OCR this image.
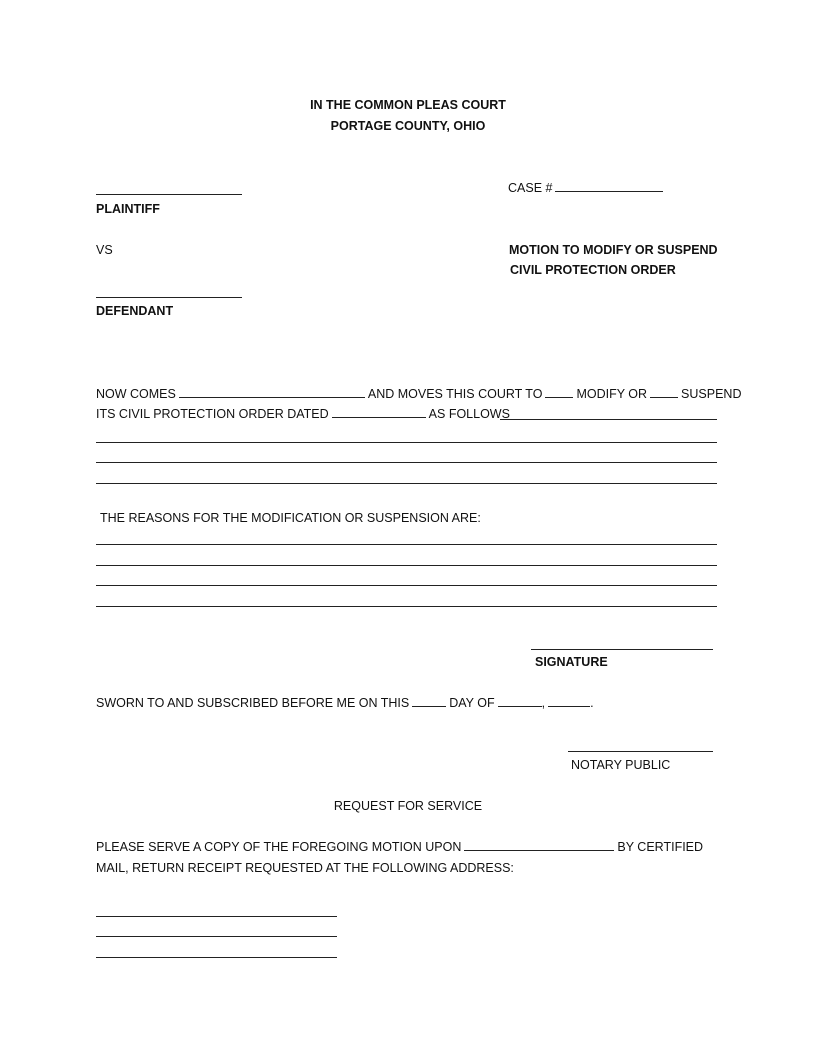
IN THE COMMON PLEAS COURT
PORTAGE COUNTY, OHIO
PLAINTIFF
CASE #
VS	MOTION TO MODIFY OR SUSPEND
CIVIL PROTECTION ORDER
DEFENDANT
NOW COMES	AND MOVES THIS COURT TO	MODIFY OR	SUSPEND
ITS CIVIL PROTECTION ORDER DATED	AS FOLLOWS
THE REASONS FOR THE MODIFICATION OR SUSPENSION ARE:
SIGNATURE
SWORN TO AND SUBSCRIBED BEFORE ME ON THIS	DAY OF	,	.
NOTARY PUBLIC
REQUEST FOR SERVICE
PLEASE SERVE A COPY OF THE FOREGOING MOTION UPON	BY CERTIFIED
MAIL, RETURN RECEIPT REQUESTED AT THE FOLLOWING ADDRESS:
